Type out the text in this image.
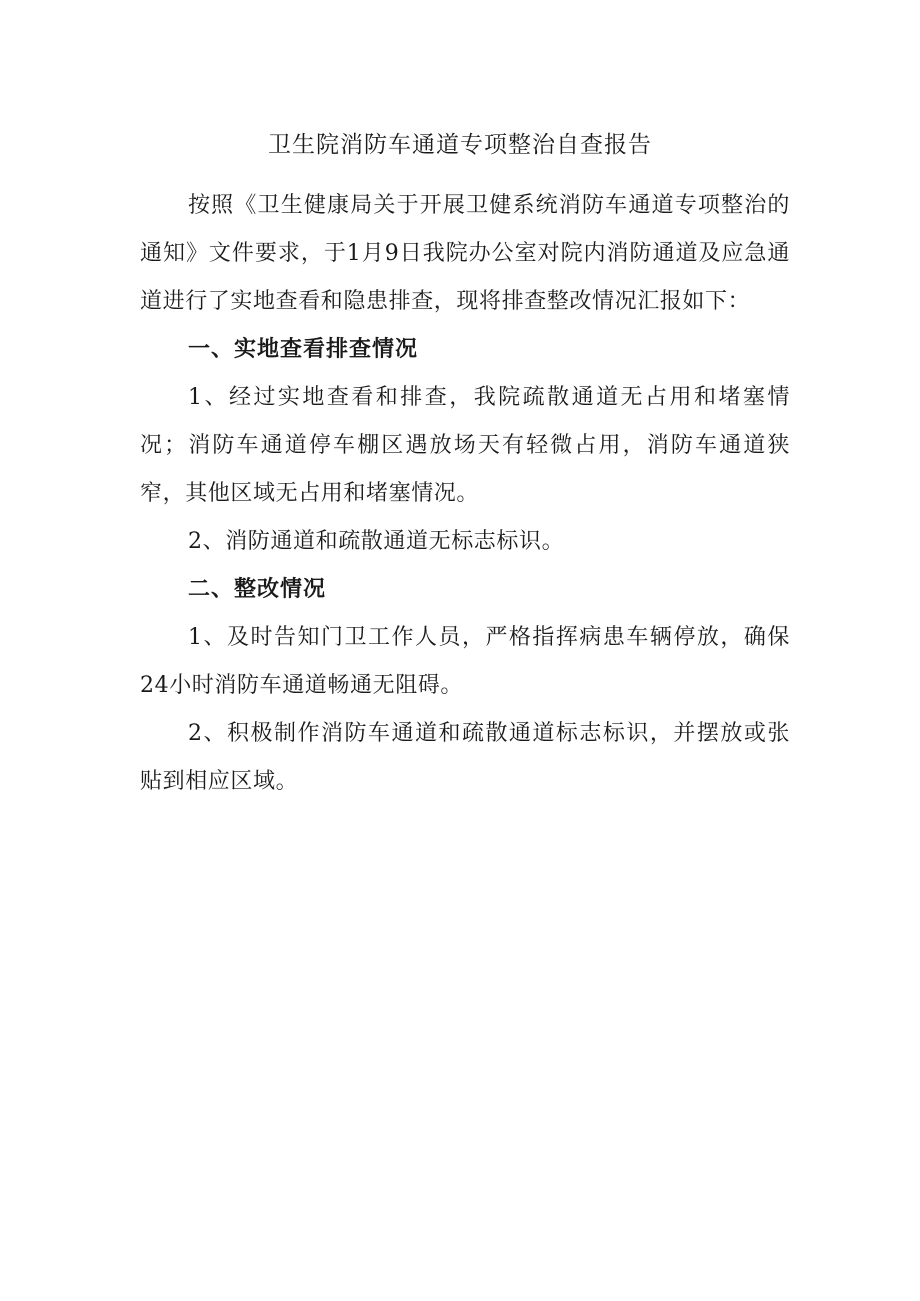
卫生院消防车通道专项整治自查报告

按照《卫生健康局关于开展卫健系统消防车通道专项整治的通知》文件要求，于1月9日我院办公室对院内消防通道及应急通道进行了实地查看和隐患排查，现将排查整改情况汇报如下：

一、实地查看排查情况

1、经过实地查看和排查，我院疏散通道无占用和堵塞情况；消防车通道停车棚区遇放场天有轻微占用，消防车通道狭窄，其他区域无占用和堵塞情况。

2、消防通道和疏散通道无标志标识。

二、整改情况

1、及时告知门卫工作人员，严格指挥病患车辆停放，确保24小时消防车通道畅通无阻碍。

2、积极制作消防车通道和疏散通道标志标识，并摆放或张贴到相应区域。
